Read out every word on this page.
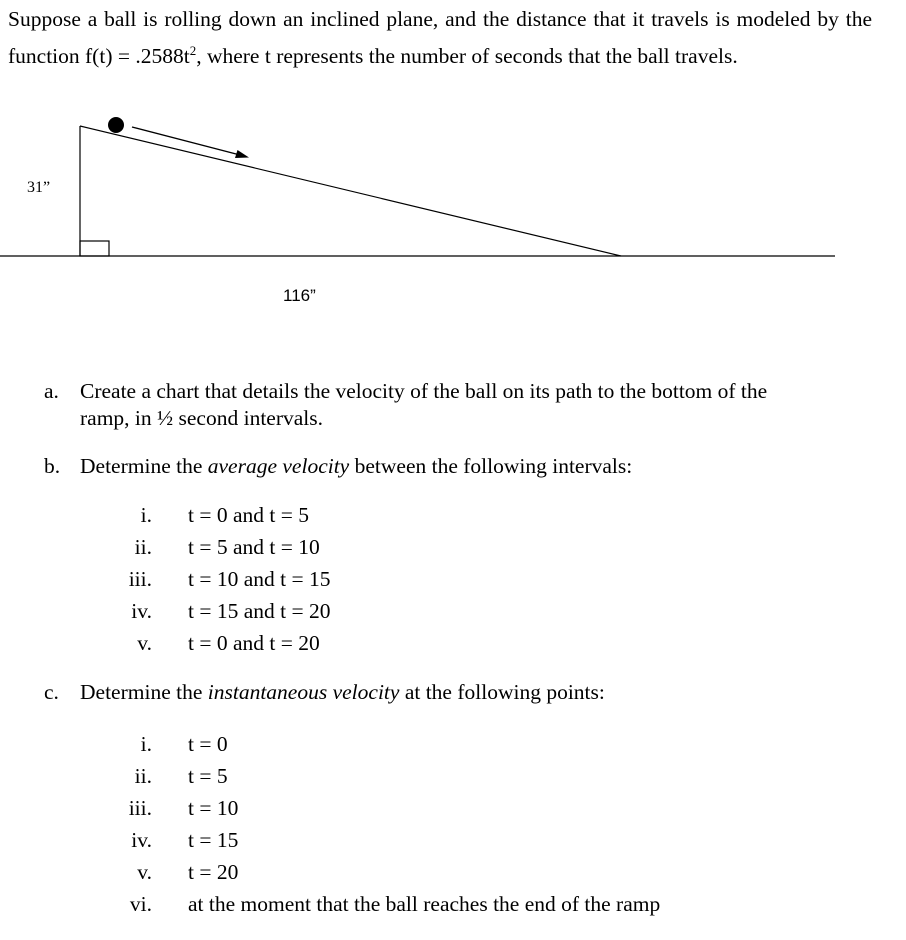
Suppose a ball is rolling down an inclined plane, and the distance that it travels is modeled by the function $f(t) = .2588t^2$, where t represents the number of seconds that the ball travels.

31”
116”
a. Create a chart that details the velocity of the ball on its path to the bottom of the
ramp, in ½ second intervals.
b. Determine the average velocity between the following intervals:
i. t = 0 and t = 5
ii. t = 5 and t = 10
iii. t = 10 and t = 15
iv. t = 15 and t = 20
v. t = 0 and t = 20
c. Determine the instantaneous velocity at the following points:
i. t = 0
ii. t = 5
iii. t = 10
iv. t = 15
v. t = 20
vi. at the moment that the ball reaches the end of the ramp
